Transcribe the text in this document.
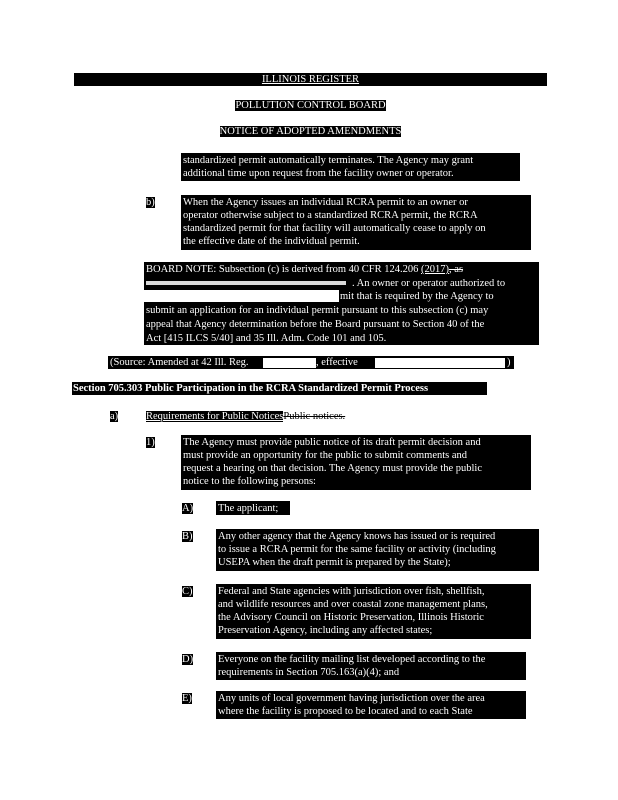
ILLINOIS REGISTER
POLLUTION CONTROL BOARD
NOTICE OF ADOPTED AMENDMENTS
standardized permit automatically terminates. The Agency may grant
additional time upon request from the facility owner or operator.
b)	When the Agency issues an individual RCRA permit to an owner or
operator otherwise subject to a standardized RCRA permit, the RCRA
standardized permit for that facility will automatically cease to apply on
the effective date of the individual permit.
BOARD NOTE: Subsection (c) is derived from 40 CFR 124.206 (2017), as
. An owner or operator authorized to
mit that is required by the Agency to
submit an application for an individual permit pursuant to this subsection (c) may
appeal that Agency determination before the Board pursuant to Section 40 of the
Act [415 ILCS 5/40] and 35 Ill. Adm. Code 101 and 105.
(Source: Amended at 42 Ill. Reg.	, effective	)
Section 705.303 Public Participation in the RCRA Standardized Permit Process
a)	Requirements for Public NoticesPublic notices.
1)	The Agency must provide public notice of its draft permit decision and
must provide an opportunity for the public to submit comments and
request a hearing on that decision. The Agency must provide the public
notice to the following persons:
A) The applicant;
B) Any other agency that the Agency knows has issued or is required
to issue a RCRA permit for the same facility or activity (including
USEPA when the draft permit is prepared by the State);
C) Federal and State agencies with jurisdiction over fish, shellfish,
and wildlife resources and over coastal zone management plans,
the Advisory Council on Historic Preservation, Illinois Historic
Preservation Agency, including any affected states;
D) Everyone on the facility mailing list developed according to the
requirements in Section 705.163(a)(4); and
E) Any units of local government having jurisdiction over the area
where the facility is proposed to be located and to each State
